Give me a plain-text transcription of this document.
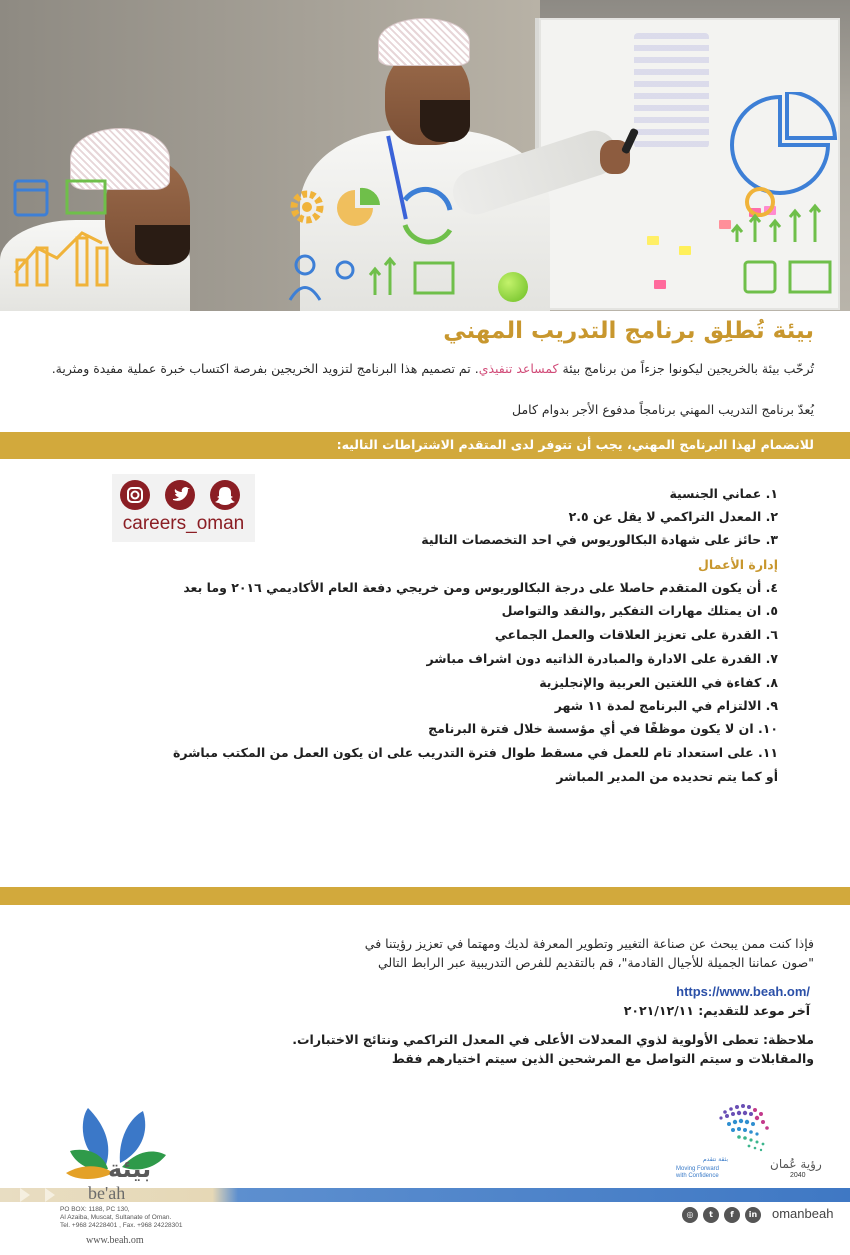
بيئة تُطلِق برنامج التدريب المهني

تُرحّب بيئة بالخريجين ليكونوا جزءاً من برنامج بيئة كمساعد تنفيذي. تم تصميم هذا البرنامج لتزويد الخريجين بفرصة اكتساب خبرة عملية مفيدة ومثرية.

يُعدّ برنامج التدريب المهني برنامجاً مدفوع الأجر بدوام كامل

للانضمام لهذا البرنامج المهني، يجب أن تتوفر لدى المتقدم الاشتراطات التاليه:
careers_oman
١. عماني الجنسية
٢. المعدل التراكمي لا يقل عن ٢.٥
٣. حائز على شهادة البكالوريوس في احد التخصصات التالية
إدارة الأعمال
٤. أن يكون المتقدم حاصلا على درجة البكالوريوس ومن خريجي دفعة العام الأكاديمي ٢٠١٦ وما بعد
٥. ان يمتلك مهارات التفكير ,والنقد والتواصل
٦. القدرة على تعزيز العلاقات والعمل الجماعي
٧. القدرة على الادارة والمبادرة الذاتيه دون اشراف مباشر
٨. كفاءة في اللغتين العربية والإنجليزية
٩. الالتزام في البرنامج لمدة ١١ شهر
١٠. ان لا يكون موظفًا في أي مؤسسة خلال فترة البرنامج
١١. على استعداد تام للعمل في مسقط طوال فترة التدريب على ان يكون العمل من المكتب مباشرة
أو كما يتم تحديده من المدير المباشر
فإذا كنت ممن يبحث عن صناعة التغيير وتطوير المعرفة لديك ومهتما في تعزيز رؤيتنا في
"صون عماننا الجميلة للأجيال القادمة"، قم بالتقديم للفرص التدريبية عبر الرابط التالي
https://www.beah.om/
آخر موعد للتقديم: ٢٠٢١/١٢/١١
ملاحظة: تعطى الأولوية لذوي المعدلات الأعلى في المعدل التراكمي ونتائج الاختبارات.
والمقابلات و سيتم التواصل مع المرشحين الذين سيتم اختيارهم فقط
بيئة
be'ah
PO BOX: 1188, PC 130,
Al Azaiba, Muscat, Sultanate of Oman.
Tel. +968 24228401 , Fax. +968 24228301
www.beah.om
رؤية عُمان
2040
بثقة نتقدم
Moving Forward with Confidence
◎	t	f	in omanbeah
